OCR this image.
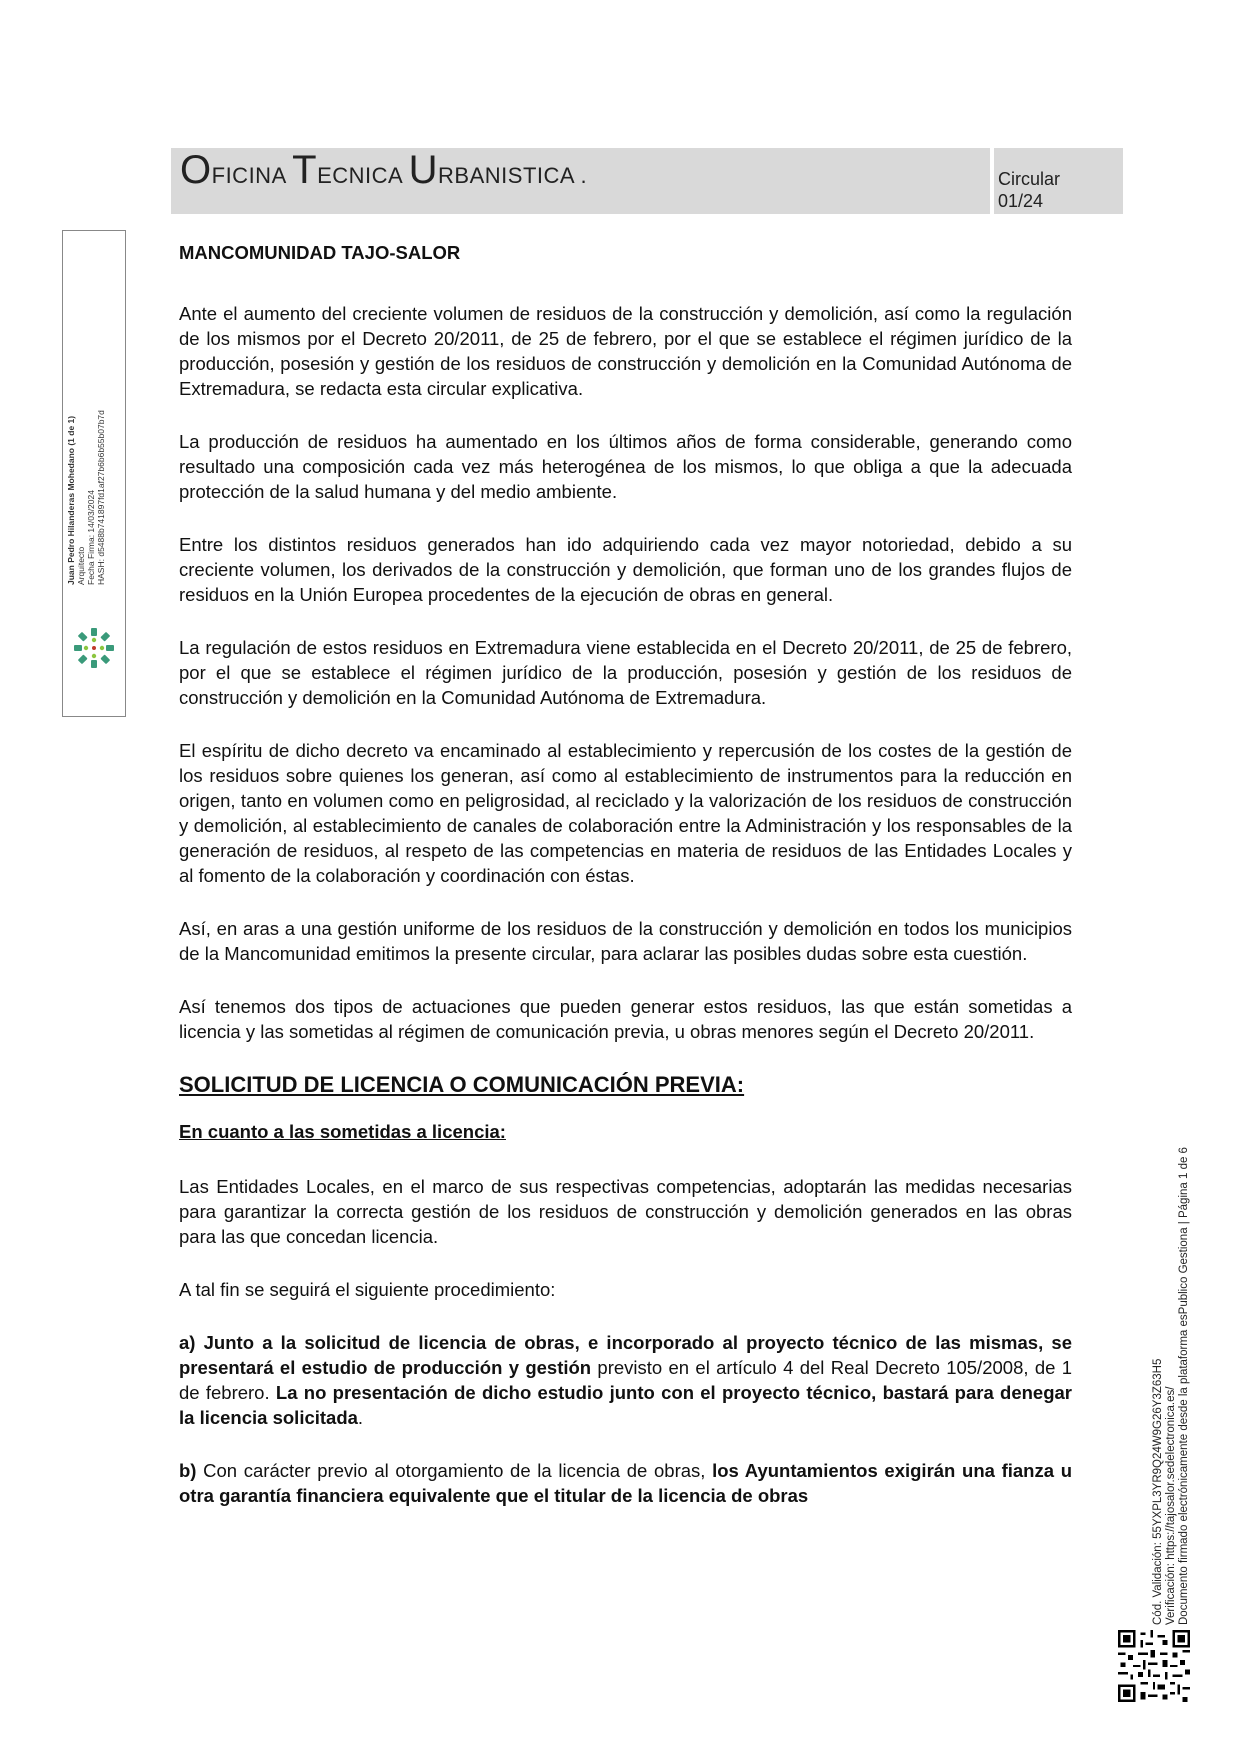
OFICINA TECNICA URBANISTICA .	Circular
01/24
Juan Pedro Hilanderas Mohedano (1 de 1) Arquitecto Fecha Firma: 14/03/2024 HASH: d5488b741897fd1af27b6b6b55b07b7d

MANCOMUNIDAD TAJO-SALOR

Ante el aumento del creciente volumen de residuos de la construcción y demolición, así como la regulación de los mismos por el Decreto 20/2011, de 25 de febrero, por el que se establece el régimen jurídico de la producción, posesión y gestión de los residuos de construcción y demolición en la Comunidad Autónoma de Extremadura, se redacta esta circular explicativa.

La producción de residuos ha aumentado en los últimos años de forma considerable, generando como resultado una composición cada vez más heterogénea de los mismos, lo que obliga a que la adecuada protección de la salud humana y del medio ambiente.

Entre los distintos residuos generados han ido adquiriendo cada vez mayor notoriedad, debido a su creciente volumen, los derivados de la construcción y demolición, que forman uno de los grandes flujos de residuos en la Unión Europea procedentes de la ejecución de obras en general.

La regulación de estos residuos en Extremadura viene establecida en el Decreto 20/2011, de 25 de febrero, por el que se establece el régimen jurídico de la producción, posesión y gestión de los residuos de construcción y demolición en la Comunidad Autónoma de Extremadura.

El espíritu de dicho decreto va encaminado al establecimiento y repercusión de los costes de la gestión de los residuos sobre quienes los generan, así como al establecimiento de instrumentos para la reducción en origen, tanto en volumen como en peligrosidad, al reciclado y la valorización de los residuos de construcción y demolición, al establecimiento de canales de colaboración entre la Administración y los responsables de la generación de residuos, al respeto de las competencias en materia de residuos de las Entidades Locales y al fomento de la colaboración y coordinación con éstas.

Así, en aras a una gestión uniforme de los residuos de la construcción y demolición en todos los municipios de la Mancomunidad emitimos la presente circular, para aclarar las posibles dudas sobre esta cuestión.

Así tenemos dos tipos de actuaciones que pueden generar estos residuos, las que están sometidas a licencia y las sometidas al régimen de comunicación previa, u obras menores según el Decreto 20/2011.

SOLICITUD DE LICENCIA O COMUNICACIÓN PREVIA:

En cuanto a las sometidas a licencia:

Las Entidades Locales, en el marco de sus respectivas competencias, adoptarán las medidas necesarias para garantizar la correcta gestión de los residuos de construcción y demolición generados en las obras para las que concedan licencia.

A tal fin se seguirá el siguiente procedimiento:

a) Junto a la solicitud de licencia de obras, e incorporado al proyecto técnico de las mismas, se presentará el estudio de producción y gestión previsto en el artículo 4 del Real Decreto 105/2008, de 1 de febrero. La no presentación de dicho estudio junto con el proyecto técnico, bastará para denegar la licencia solicitada.

b) Con carácter previo al otorgamiento de la licencia de obras, los Ayuntamientos exigirán una fianza u otra garantía financiera equivalente que el titular de la licencia de obras	Cód. Validación: 55YXPL3YR9Q24W9G26Y3Z63H5 Verificación: https://tajosalor.sedelectronica.es/ Documento firmado electrónicamente desde la plataforma esPublico Gestiona | Página 1 de 6
